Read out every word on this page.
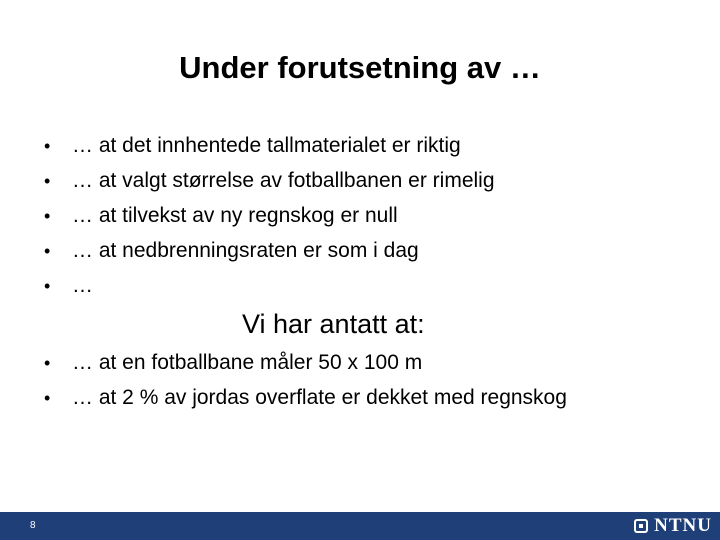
Under forutsetning av …
•	… at det innhentede tallmaterialet er riktig
•	… at valgt størrelse av fotballbanen er rimelig
•	… at tilvekst av ny regnskog er null
•	… at nedbrenningsraten er som i dag
•	…
Vi har antatt at:
•	… at en fotballbane måler 50 x 100 m
•	… at 2 % av jordas overflate er dekket med regnskog
8	NTNU
